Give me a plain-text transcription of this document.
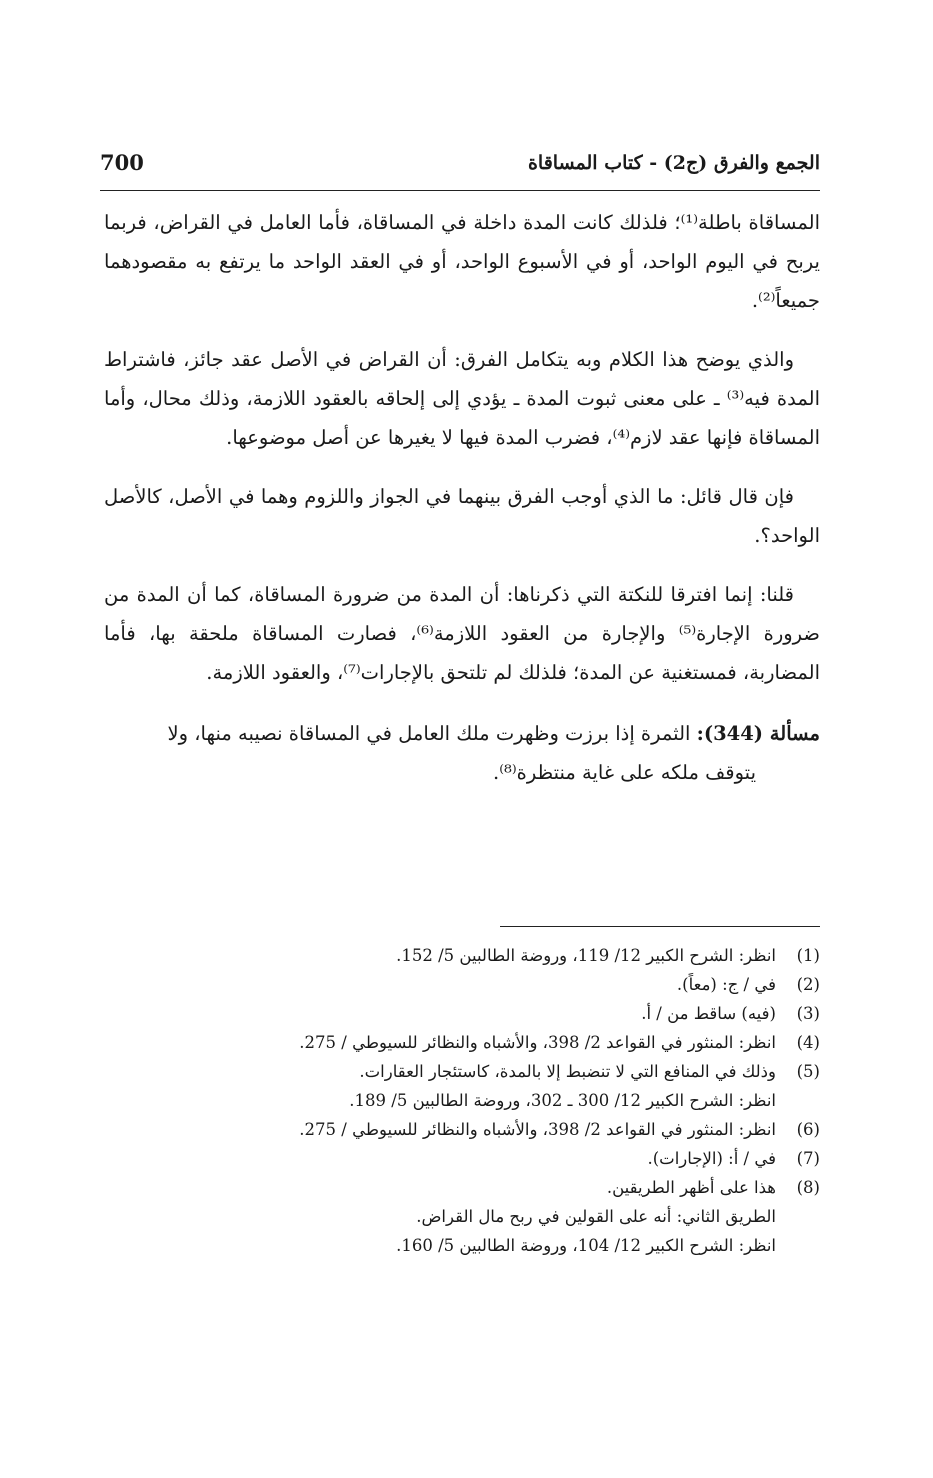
الجمع والفرق (ج2) - كتاب المساقاة
700

المساقاة باطلة⁽¹⁾؛ فلذلك كانت المدة داخلة في المساقاة، فأما العامل في القراض، فربما يربح في اليوم الواحد، أو في الأسبوع الواحد، أو في العقد الواحد ما يرتفع به مقصودهما جميعاً⁽²⁾.

والذي يوضح هذا الكلام وبه يتكامل الفرق: أن القراض في الأصل عقد جائز، فاشتراط المدة فيه⁽³⁾ ـ على معنى ثبوت المدة ـ يؤدي إلى إلحاقه بالعقود اللازمة، وذلك محال، وأما المساقاة فإنها عقد لازم⁽⁴⁾، فضرب المدة فيها لا يغيرها عن أصل موضوعها.

فإن قال قائل: ما الذي أوجب الفرق بينهما في الجواز واللزوم وهما في الأصل، كالأصل الواحد؟.

قلنا: إنما افترقا للنكتة التي ذكرناها: أن المدة من ضرورة المساقاة، كما أن المدة من ضرورة الإجارة⁽⁵⁾ والإجارة من العقود اللازمة⁽⁶⁾، فصارت المساقاة ملحقة بها، فأما المضاربة، فمستغنية عن المدة؛ فلذلك لم تلتحق بالإجارات⁽⁷⁾، والعقود اللازمة.

مسألة (344): الثمرة إذا برزت وظهرت ملك العامل في المساقاة نصيبه منها، ولا
يتوقف ملكه على غاية منتظرة⁽⁸⁾.

(1)
انظر: الشرح الكبير 12/ 119، وروضة الطالبين 5/ 152.
(2)
في / ج: (معاً).
(3)
(فيه) ساقط من / أ.
(4)
انظر: المنثور في القواعد 2/ 398، والأشباه والنظائر للسيوطي / 275.
(5)
وذلك في المنافع التي لا تنضبط إلا بالمدة، كاستئجار العقارات.
انظر: الشرح الكبير 12/ 300 ـ 302، وروضة الطالبين 5/ 189.
(6)
انظر: المنثور في القواعد 2/ 398، والأشباه والنظائر للسيوطي / 275.
(7)
في / أ: (الإجارات).
(8)
هذا على أظهر الطريقين.
الطريق الثاني: أنه على القولين في ربح مال القراض.
انظر: الشرح الكبير 12/ 104، وروضة الطالبين 5/ 160.
